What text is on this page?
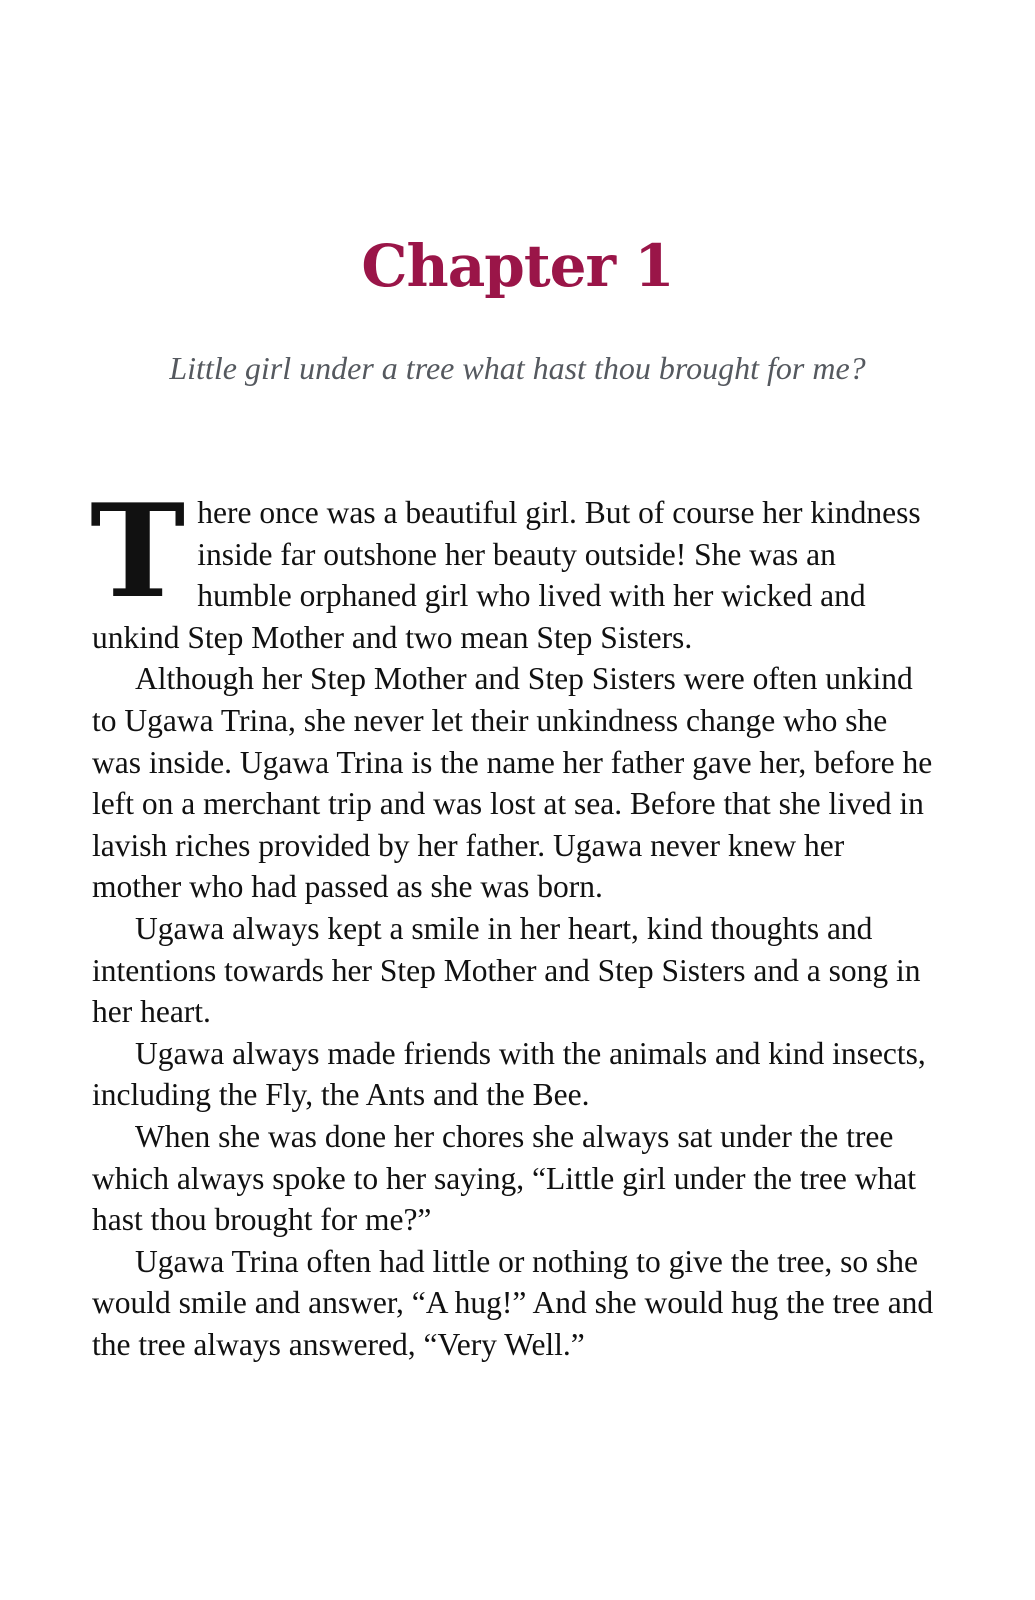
Chapter 1

Little girl under a tree what hast thou brought for me?

There once was a beautiful girl. But of course her kindness inside far outshone her beauty outside! She was an humble orphaned girl who lived with her wicked and unkind Step Mother and two mean Step Sisters.

Although her Step Mother and Step Sisters were often unkind to Ugawa Trina, she never let their unkindness change who she was inside. Ugawa Trina is the name her father gave her, before he left on a merchant trip and was lost at sea. Before that she lived in lavish riches provided by her father. Ugawa never knew her mother who had passed as she was born.

Ugawa always kept a smile in her heart, kind thoughts and intentions towards her Step Mother and Step Sisters and a song in her heart.

Ugawa always made friends with the animals and kind insects, including the Fly, the Ants and the Bee.

When she was done her chores she always sat under the tree which always spoke to her saying, “Little girl under the tree what hast thou brought for me?”

Ugawa Trina often had little or nothing to give the tree, so she would smile and answer, “A hug!” And she would hug the tree and the tree always answered, “Very Well.”
